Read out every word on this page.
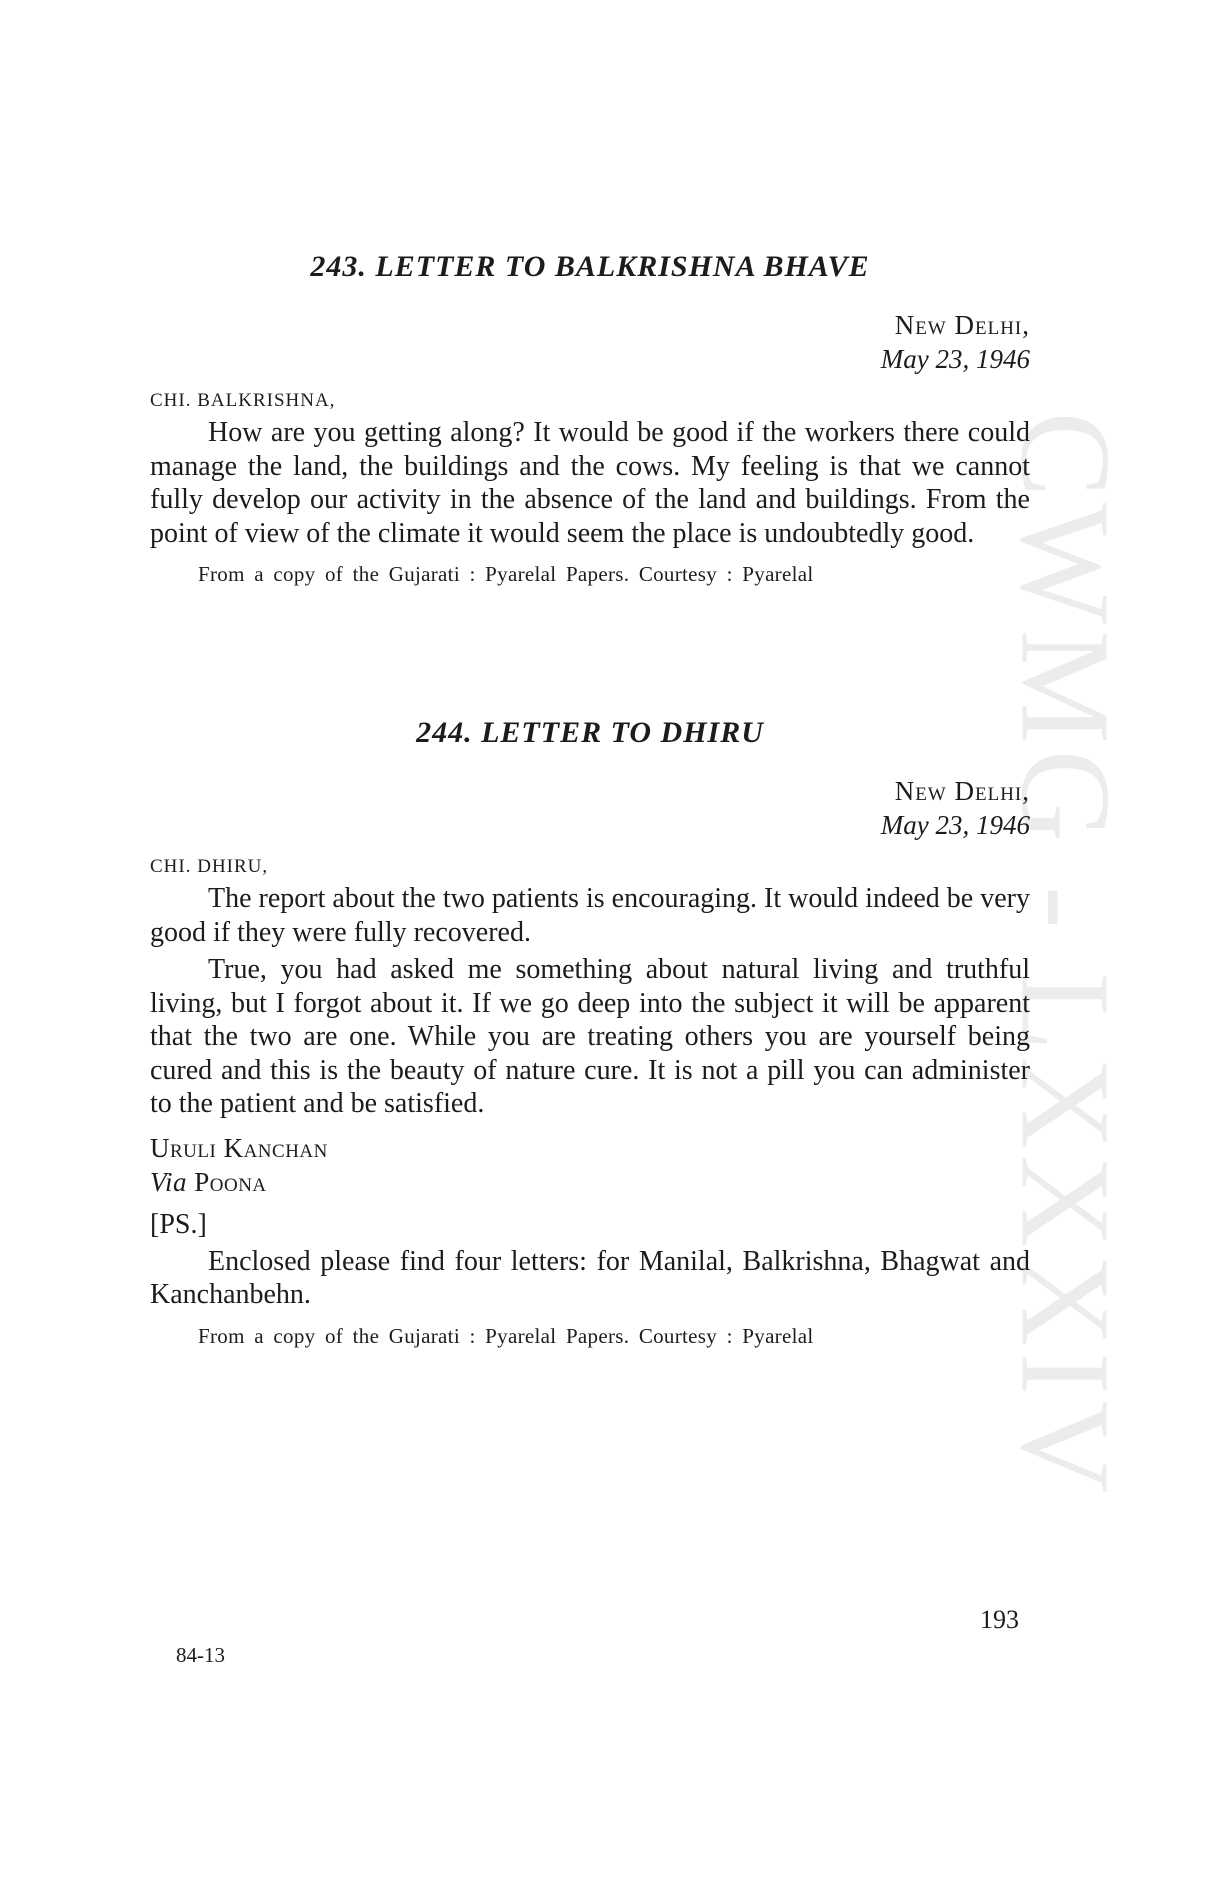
CWMG - LXXXIV
243. LETTER TO BALKRISHNA BHAVE
New Delhi,
May 23, 1946
CHI. BALKRISHNA,

How are you getting along? It would be good if the workers there could manage the land, the buildings and the cows. My feeling is that we cannot fully develop our activity in the absence of the land and buildings. From the point of view of the climate it would seem the place is undoubtedly good.

From a copy of the Gujarati : Pyarelal Papers. Courtesy : Pyarelal
244. LETTER TO DHIRU
New Delhi,
May 23, 1946
CHI. DHIRU,

The report about the two patients is encouraging. It would indeed be very good if they were fully recovered.

True, you had asked me something about natural living and truthful living, but I forgot about it. If we go deep into the subject it will be apparent that the two are one. While you are treating others you are yourself being cured and this is the beauty of nature cure. It is not a pill you can administer to the patient and be satisfied.

Uruli Kanchan
Via Poona
[PS.]

Enclosed please find four letters: for Manilal, Balkrishna, Bhagwat and Kanchanbehn.

From a copy of the Gujarati : Pyarelal Papers. Courtesy : Pyarelal
193
84-13
